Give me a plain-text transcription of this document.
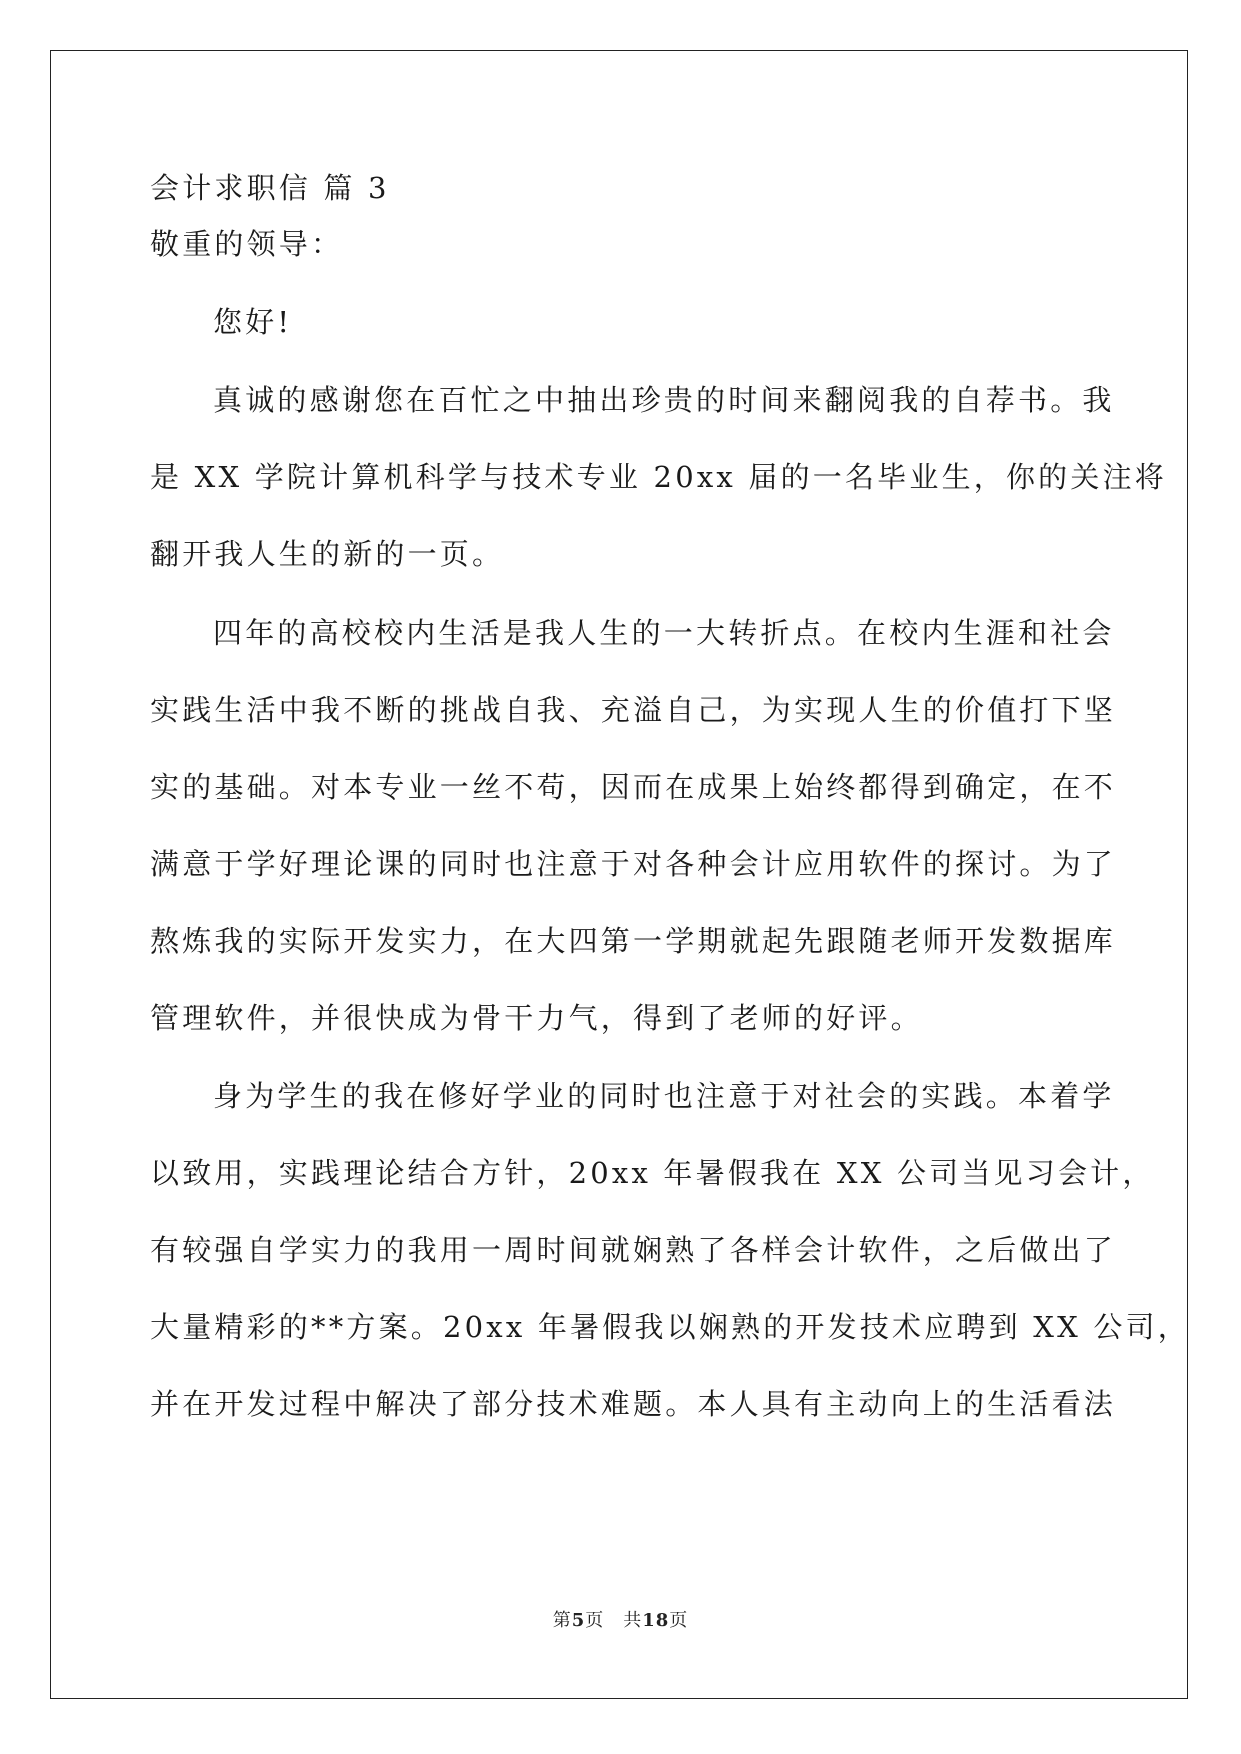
会计求职信 篇 3
敬重的领导：
您好!
真诚的感谢您在百忙之中抽出珍贵的时间来翻阅我的自荐书。我
是 XX 学院计算机科学与技术专业 20xx 届的一名毕业生，你的关注将
翻开我人生的新的一页。
四年的高校校内生活是我人生的一大转折点。在校内生涯和社会
实践生活中我不断的挑战自我、充溢自己，为实现人生的价值打下坚
实的基础。对本专业一丝不苟，因而在成果上始终都得到确定，在不
满意于学好理论课的同时也注意于对各种会计应用软件的探讨。为了
熬炼我的实际开发实力，在大四第一学期就起先跟随老师开发数据库
管理软件，并很快成为骨干力气，得到了老师的好评。
身为学生的我在修好学业的同时也注意于对社会的实践。本着学
以致用，实践理论结合方针，20xx 年暑假我在 XX 公司当见习会计，
有较强自学实力的我用一周时间就娴熟了各样会计软件，之后做出了
大量精彩的**方案。20xx 年暑假我以娴熟的开发技术应聘到 XX 公司，
并在开发过程中解决了部分技术难题。本人具有主动向上的生活看法
第5页　共18页
